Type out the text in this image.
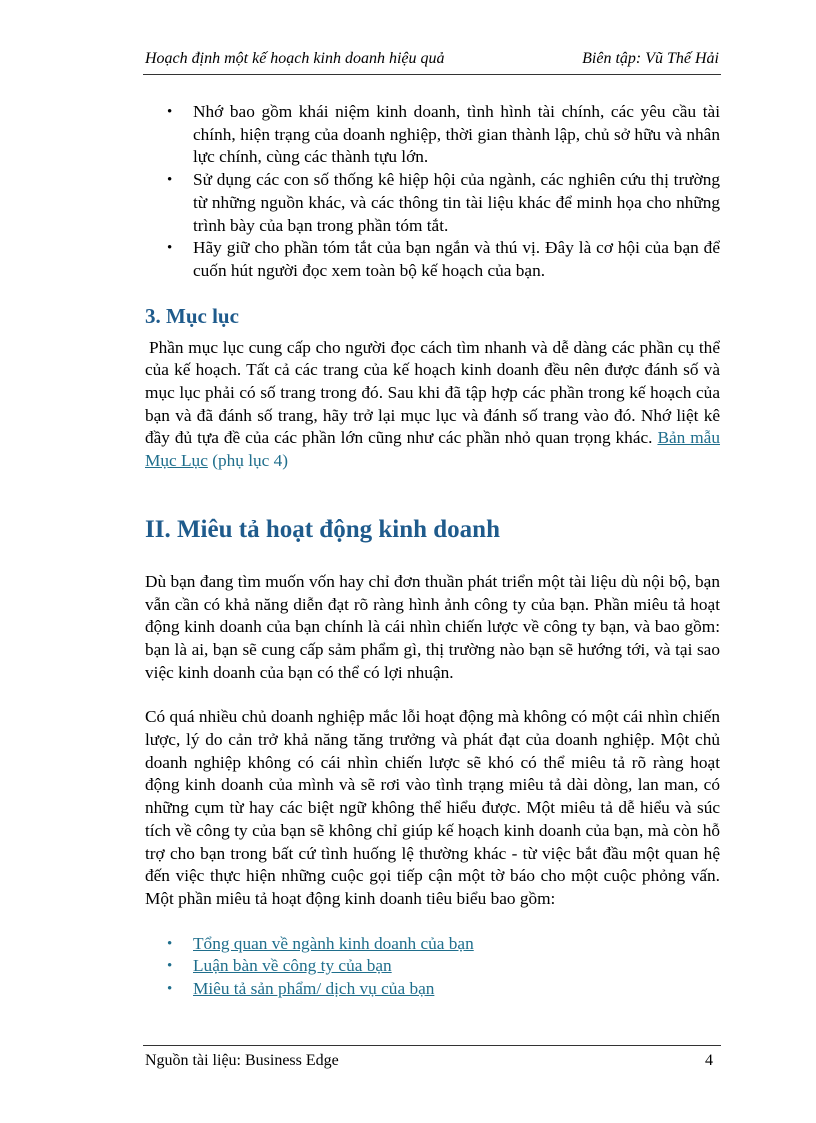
Hoạch định một kế hoạch kinh doanh hiệu quả	Biên tập: Vũ Thế Hải
• Nhớ bao gồm khái niệm kinh doanh, tình hình tài chính, các yêu cầu tài chính, hiện trạng của doanh nghiệp, thời gian thành lập, chủ sở hữu và nhân lực chính, cùng các thành tựu lớn.
• Sử dụng các con số thống kê hiệp hội của ngành, các nghiên cứu thị trường từ những nguồn khác, và các thông tin tài liệu khác để minh họa cho những trình bày của bạn trong phần tóm tắt.
• Hãy giữ cho phần tóm tắt của bạn ngắn và thú vị. Đây là cơ hội của bạn để cuốn hút người đọc xem toàn bộ kế hoạch của bạn.
3. Mục lục

Phần mục lục cung cấp cho người đọc cách tìm nhanh và dễ dàng các phần cụ thể của kế hoạch. Tất cả các trang của kế hoạch kinh doanh đều nên được đánh số và mục lục phải có số trang trong đó. Sau khi đã tập hợp các phần trong kế hoạch của bạn và đã đánh số trang, hãy trở lại mục lục và đánh số trang vào đó. Nhớ liệt kê đầy đủ tựa đề của các phần lớn cũng như các phần nhỏ quan trọng khác. Bản mẫu Mục Lục (phụ lục 4)

II. Miêu tả hoạt động kinh doanh

Dù bạn đang tìm muốn vốn hay chỉ đơn thuần phát triển một tài liệu dù nội bộ, bạn vẫn cần có khả năng diễn đạt rõ ràng hình ảnh công ty của bạn. Phần miêu tả hoạt động kinh doanh của bạn chính là cái nhìn chiến lược về công ty bạn, và bao gồm: bạn là ai, bạn sẽ cung cấp sảm phẩm gì, thị trường nào bạn sẽ hướng tới, và tại sao việc kinh doanh của bạn có thể có lợi nhuận.

Có quá nhiều chủ doanh nghiệp mắc lỗi hoạt động mà không có một cái nhìn chiến lược, lý do cản trở khả năng tăng trưởng và phát đạt của doanh nghiệp. Một chủ doanh nghiệp không có cái nhìn chiến lược sẽ khó có thể miêu tả rõ ràng hoạt động kinh doanh của mình và sẽ rơi vào tình trạng miêu tả dài dòng, lan man, có những cụm từ hay các biệt ngữ không thể hiểu được. Một miêu tả dễ hiểu và súc tích về công ty của bạn sẽ không chỉ giúp kế hoạch kinh doanh của bạn, mà còn hỗ trợ cho bạn trong bất cứ tình huống lệ thường khác - từ việc bắt đầu một quan hệ đến việc thực hiện những cuộc gọi tiếp cận một tờ báo cho một cuộc phỏng vấn. Một phần miêu tả hoạt động kinh doanh tiêu biểu bao gồm:

• Tổng quan về ngành kinh doanh của bạn
• Luận bàn về công ty của bạn
• Miêu tả sản phẩm/ dịch vụ của bạn
Nguồn tài liệu: Business Edge	4
